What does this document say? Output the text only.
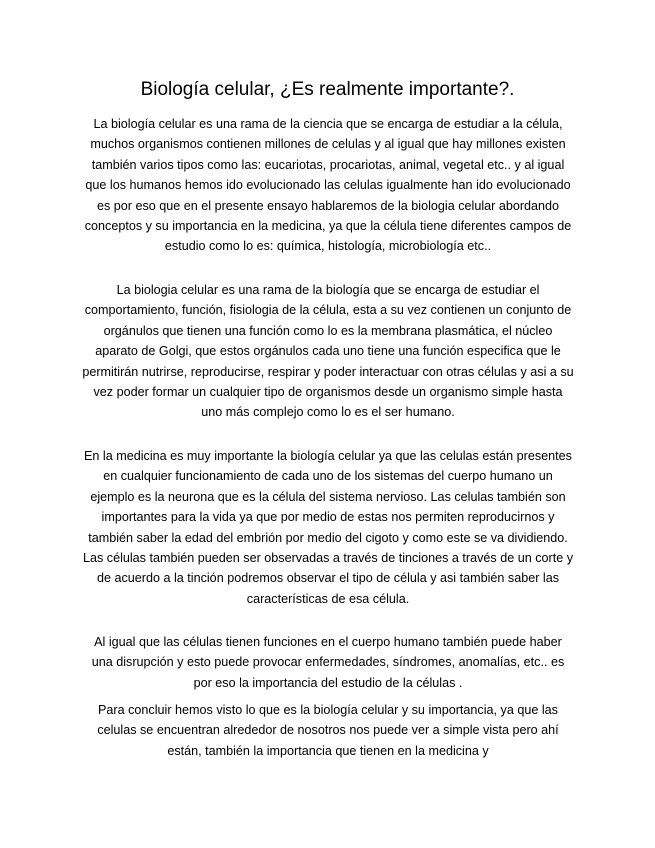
Biología celular, ¿Es realmente importante?.

La biología celular es una rama de la ciencia que se encarga de estudiar a la célula, muchos organismos contienen millones de celulas y al igual que hay millones existen también varios tipos como las: eucariotas, procariotas, animal, vegetal etc.. y al igual que los humanos hemos ido evolucionado las celulas igualmente han ido evolucionado es por eso que en el presente ensayo hablaremos de la biologia celular abordando conceptos y su importancia en la medicina, ya que la célula tiene diferentes campos de estudio como lo es: química, histología, microbiología etc..

La biologia celular es una rama de la biología que se encarga de estudiar el comportamiento, función, fisiologia de la célula, esta a su vez contienen un conjunto de orgánulos que tienen una función como lo es la membrana plasmática, el núcleo aparato de Golgi, que estos orgánulos cada uno tiene una función especifica que le permitirán nutrirse, reproducirse, respirar y poder interactuar con otras células y asi a su vez poder formar un cualquier tipo de organismos desde un organismo simple hasta uno más complejo como lo es el ser humano.

En la medicina es muy importante la biología celular ya que las celulas están presentes en cualquier funcionamiento de cada uno de los sistemas del cuerpo humano un ejemplo es la neurona que es la célula del sistema nervioso. Las celulas también son importantes para la vida ya que por medio de estas nos permiten reproducirnos y también saber la edad del embrión por medio del cigoto y como este se va dividiendo. Las células también pueden ser observadas a través de tinciones a través de un corte y de acuerdo a la tinción podremos observar el tipo de célula y asi también saber las características de esa célula.

Al igual que las células tienen funciones en el cuerpo humano también puede haber una disrupción y esto puede provocar enfermedades, síndromes, anomalías, etc.. es por eso la importancia del estudio de la células .

Para concluir hemos visto lo que es la biología celular y su importancia, ya que las celulas se encuentran alrededor de nosotros nos puede ver a simple vista pero ahí están, también la importancia que tienen en la medicina y
